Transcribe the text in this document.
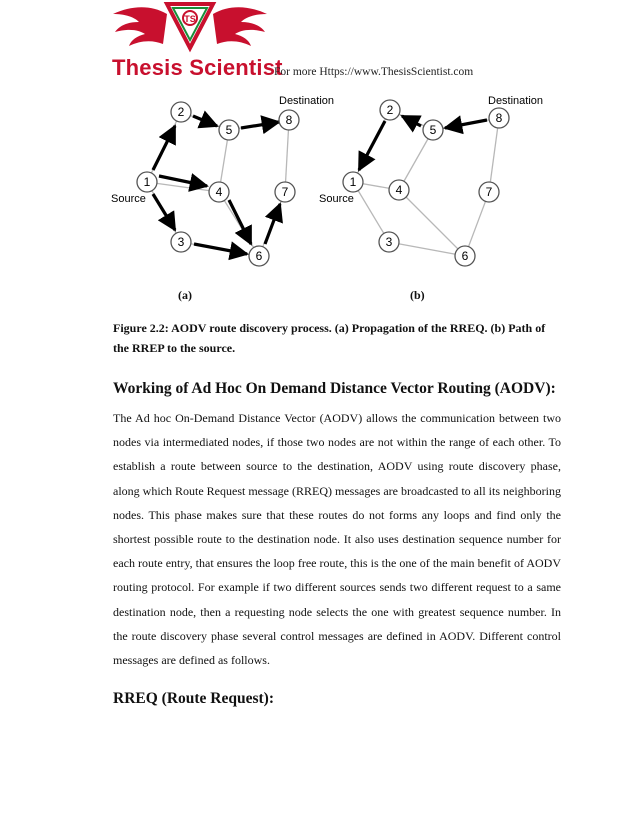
TS
Thesis Scientist
For more Https://www.ThesisScientist.com
1
2
3
4
5
6
7
8
Source
Destination
1
2
3
4
5
6
7
8
Source
Destination
(a)	(b)
Figure 2.2: AODV route discovery process. (a) Propagation of the RREQ. (b) Path of the RREP to the source.
Working of Ad Hoc On Demand Distance Vector Routing (AODV):
The Ad hoc On-Demand Distance Vector (AODV) allows the communication between two nodes via intermediated nodes, if those two nodes are not within the range of each other. To establish a route between source to the destination, AODV using route discovery phase, along which Route Request message (RREQ) messages are broadcasted to all its neighboring nodes. This phase makes sure that these routes do not forms any loops and find only the shortest possible route to the destination node. It also uses destination sequence number for each route entry, that ensures the loop free route, this is the one of the main benefit of AODV routing protocol. For example if two different sources sends two different request to a same destination node, then a requesting node selects the one with greatest sequence number. In the route discovery phase several control messages are defined in AODV. Different control messages are defined as follows.
RREQ (Route Request):
